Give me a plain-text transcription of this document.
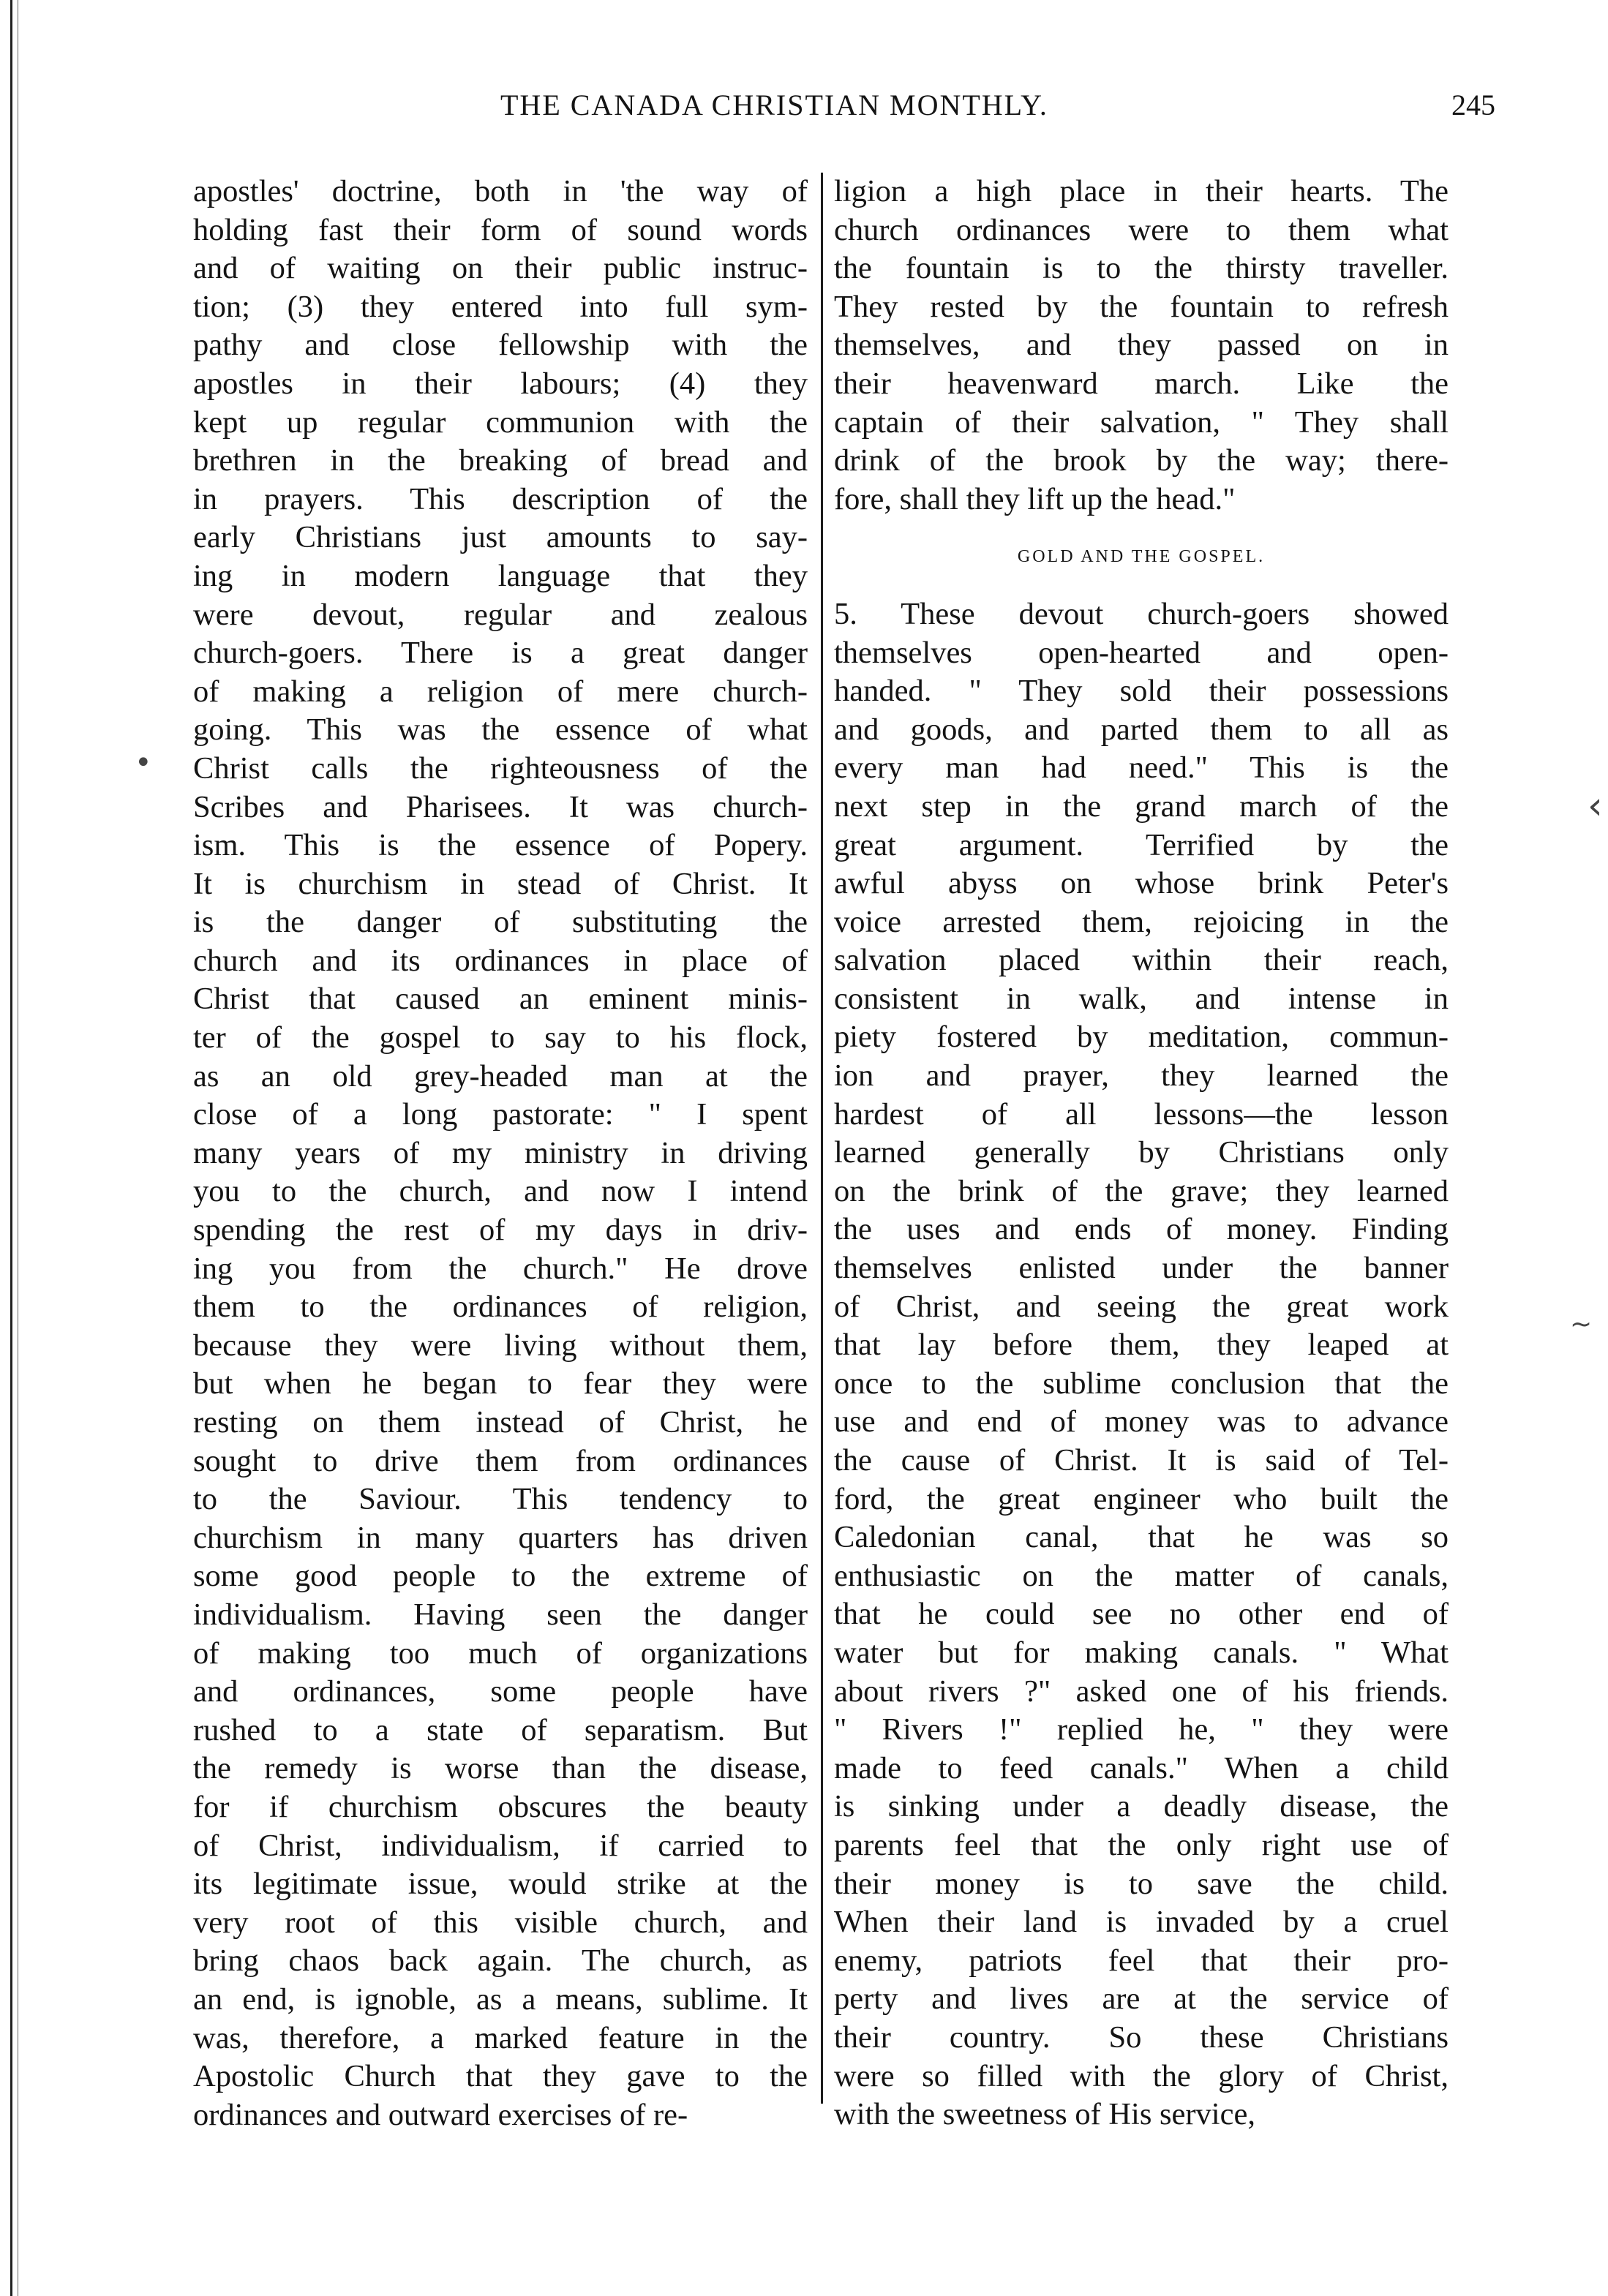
THE CANADA CHRISTIAN MONTHLY.	245
apostles' doctrine, both in 'the way of
holding fast their form of sound words
and of waiting on their public instruc-
tion; (3) they entered into full sym-
pathy and close fellowship with the
apostles in their labours; (4) they
kept up regular communion with the
brethren in the breaking of bread and
in prayers. This description of the
early Christians just amounts to say-
ing in modern language that they
were devout, regular and zealous
church-goers. There is a great danger
of making a religion of mere church-
going. This was the essence of what
Christ calls the righteousness of the
Scribes and Pharisees. It was church-
ism. This is the essence of Popery.
It is churchism in stead of Christ. It
is the danger of substituting the
church and its ordinances in place of
Christ that caused an eminent minis-
ter of the gospel to say to his flock,
as an old grey-headed man at the
close of a long pastorate: " I spent
many years of my ministry in driving
you to the church, and now I intend
spending the rest of my days in driv-
ing you from the church." He drove
them to the ordinances of religion,
because they were living without them,
but when he began to fear they were
resting on them instead of Christ, he
sought to drive them from ordinances
to the Saviour. This tendency to
churchism in many quarters has driven
some good people to the extreme of
individualism. Having seen the danger
of making too much of organizations
and ordinances, some people have
rushed to a state of separatism. But
the remedy is worse than the disease,
for if churchism obscures the beauty
of Christ, individualism, if carried to
its legitimate issue, would strike at the
very root of this visible church, and
bring chaos back again. The church, as
an end, is ignoble, as a means, sublime. It
was, therefore, a marked feature in the
Apostolic Church that they gave to the
ordinances and outward exercises of re-
ligion a high place in their hearts. The
church ordinances were to them what
the fountain is to the thirsty traveller.
They rested by the fountain to refresh
themselves, and they passed on in
their heavenward march. Like the
captain of their salvation, " They shall
drink of the brook by the way; there-
fore, shall they lift up the head."
GOLD AND THE GOSPEL.
5. These devout church-goers showed
themselves open-hearted and open-
handed. " They sold their possessions
and goods, and parted them to all as
every man had need." This is the
next step in the grand march of the
great argument. Terrified by the
awful abyss on whose brink Peter's
voice arrested them, rejoicing in the
salvation placed within their reach,
consistent in walk, and intense in
piety fostered by meditation, commun-
ion and prayer, they learned the
hardest of all lessons—the lesson
learned generally by Christians only
on the brink of the grave; they learned
the uses and ends of money. Finding
themselves enlisted under the banner
of Christ, and seeing the great work
that lay before them, they leaped at
once to the sublime conclusion that the
use and end of money was to advance
the cause of Christ. It is said of Tel-
ford, the great engineer who built the
Caledonian canal, that he was so
enthusiastic on the matter of canals,
that he could see no other end of
water but for making canals. " What
about rivers ?" asked one of his friends.
" Rivers !" replied he, " they were
made to feed canals." When a child
is sinking under a deadly disease, the
parents feel that the only right use of
their money is to save the child.
When their land is invaded by a cruel
enemy, patriots feel that their pro-
perty and lives are at the service of
their country. So these Christians
were so filled with the glory of Christ,
with the sweetness of His service,
•
‹
~
